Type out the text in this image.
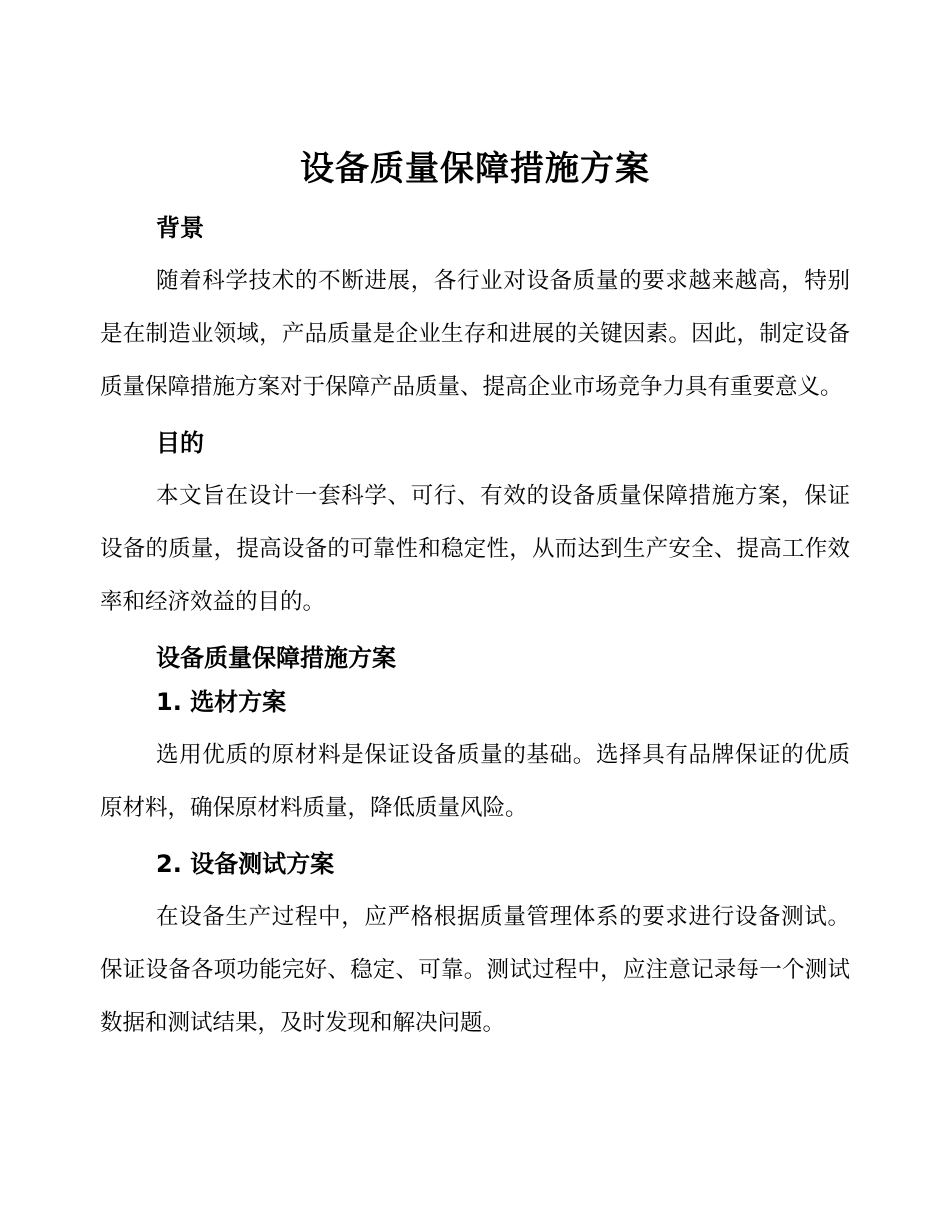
设备质量保障措施方案
背景

随着科学技术的不断进展，各行业对设备质量的要求越来越高，特别是在制造业领域，产品质量是企业生存和进展的关键因素。因此，制定设备质量保障措施方案对于保障产品质量、提高企业市场竞争力具有重要意义。

目的

本文旨在设计一套科学、可行、有效的设备质量保障措施方案，保证设备的质量，提高设备的可靠性和稳定性，从而达到生产安全、提高工作效率和经济效益的目的。

设备质量保障措施方案
1. 选材方案

选用优质的原材料是保证设备质量的基础。选择具有品牌保证的优质原材料，确保原材料质量，降低质量风险。

2. 设备测试方案

在设备生产过程中，应严格根据质量管理体系的要求进行设备测试。保证设备各项功能完好、稳定、可靠。测试过程中，应注意记录每一个测试数据和测试结果，及时发现和解决问题。
